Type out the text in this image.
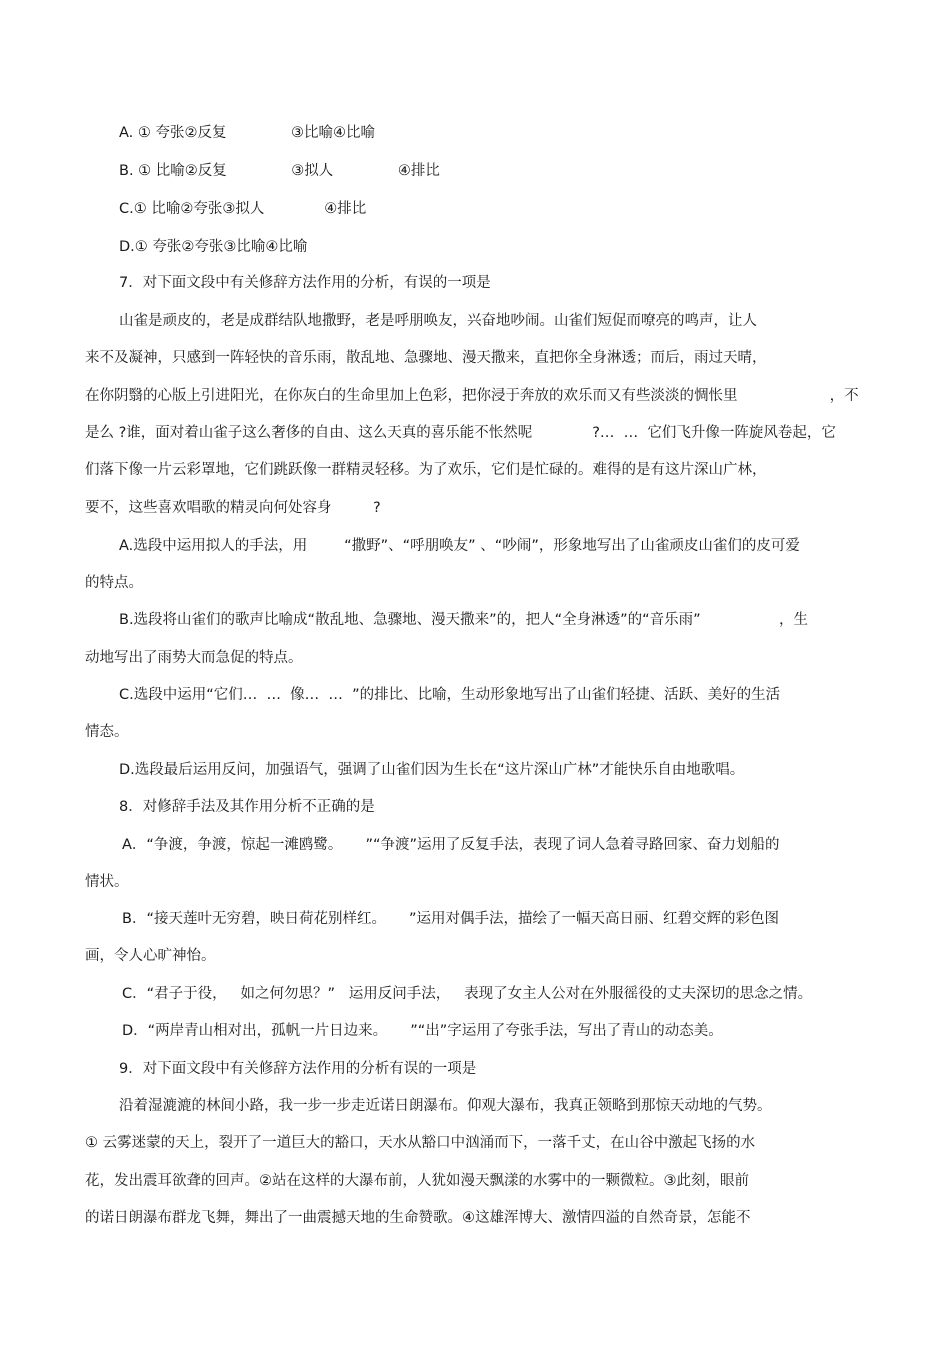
A. ① 夸张②反复              ③比喻④比喻

B. ① 比喻②反复              ③拟人              ④排比

C.① 比喻②夸张③拟人             ④排比

D.① 夸张②夸张③比喻④比喻

7．对下面文段中有关修辞方法作用的分析，有误的一项是

山雀是顽皮的，老是成群结队地撒野，老是呼朋唤友，兴奋地吵闹。山雀们短促而嘹亮的鸣声，让人

来不及凝神，只感到一阵轻快的音乐雨，散乱地、急骤地、漫天撒来，直把你全身淋透；而后，雨过天晴，

在你阴翳的心版上引进阳光，在你灰白的生命里加上色彩，把你浸于奔放的欢乐而又有些淡淡的惆怅里                    ，不

是么 ?谁，面对着山雀子这么奢侈的自由、这么天真的喜乐能不怅然呢             ?…  …  它们飞升像一阵旋风卷起，它

们落下像一片云彩罩地，它们跳跃像一群精灵轻移。为了欢乐，它们是忙碌的。难得的是有这片深山广林，

要不，这些喜欢唱歌的精灵向何处容身         ?

A.选段中运用拟人的手法，用        “撒野”、“呼朋唤友” 、“吵闹”，形象地写出了山雀顽皮山雀们的皮可爱

的特点。

B.选段将山雀们的歌声比喻成“散乱地、急骤地、漫天撒来”的，把人“全身淋透”的“音乐雨”                 ，生

动地写出了雨势大而急促的特点。

C.选段中运用“它们…  …  像…  …  ”的排比、比喻，生动形象地写出了山雀们轻捷、活跃、美好的生活

情态。

D.选段最后运用反问，加强语气，强调了山雀们因为生长在“这片深山广林”才能快乐自由地歌唱。

8．对修辞手法及其作用分析不正确的是

A．“争渡，争渡，惊起一滩鸥鹭。     ”“争渡”运用了反复手法，表现了词人急着寻路回家、奋力划船的

情状。

B．“接天莲叶无穷碧，映日荷花别样红。     ”运用对偶手法，描绘了一幅天高日丽、红碧交辉的彩色图

画，令人心旷神怡。

C．“君子于役，   如之何勿思？”   运用反问手法，   表现了女主人公对在外服徭役的丈夫深切的思念之情。

D．“两岸青山相对出，孤帆一片日边来。     ”“出”字运用了夸张手法，写出了青山的动态美。

9．对下面文段中有关修辞方法作用的分析有误的一项是

沿着湿漉漉的林间小路，我一步一步走近诺日朗瀑布。仰观大瀑布，我真正领略到那惊天动地的气势。

① 云雾迷蒙的天上，裂开了一道巨大的豁口，天水从豁口中汹涌而下，一落千丈，在山谷中激起飞扬的水

花，发出震耳欲聋的回声。②站在这样的大瀑布前，人犹如漫天飘漾的水雾中的一颗微粒。③此刻，眼前

的诺日朗瀑布群龙飞舞，舞出了一曲震撼天地的生命赞歌。④这雄浑博大、激情四溢的自然奇景，怎能不
